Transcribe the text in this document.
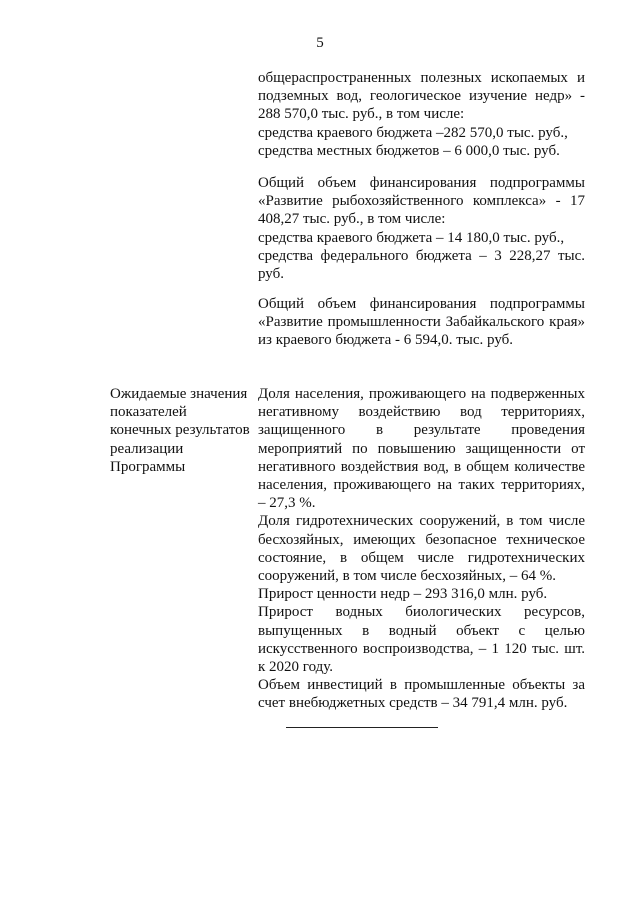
5

общераспространенных полезных ископаемых и подземных вод, геологическое изучение недр» - 288 570,0 тыс. руб., в том числе:

средства краевого бюджета –282 570,0 тыс. руб.,

средства местных бюджетов – 6 000,0 тыс. руб.

Общий объем финансирования подпрограммы «Развитие рыбохозяйственного комплекса» - 17 408,27 тыс. руб., в том числе:

средства краевого бюджета – 14 180,0 тыс. руб.,

средства федерального бюджета – 3 228,27 тыс. руб.

Общий объем финансирования подпрограммы «Развитие промышленности Забайкальского края» из краевого бюджета - 6 594,0. тыс. руб.

Ожидаемые значения показателей конечных результатов реализации Программы

Доля населения, проживающего на подверженных негативному воздействию вод территориях, защищенного в результате проведения мероприятий по повышению защищенности от негативного воздействия вод, в общем количестве населения, проживающего на таких территориях, – 27,3 %.

Доля гидротехнических сооружений, в том числе бесхозяйных, имеющих безопасное техническое состояние, в общем числе гидротехнических сооружений, в том числе бесхозяйных, – 64 %.

Прирост ценности недр – 293 316,0 млн. руб.

Прирост водных биологических ресурсов, выпущенных в водный объект с целью искусственного воспроизводства, – 1 120 тыс. шт. к 2020 году.

Объем инвестиций в промышленные объекты за счет внебюджетных средств – 34 791,4 млн. руб.
